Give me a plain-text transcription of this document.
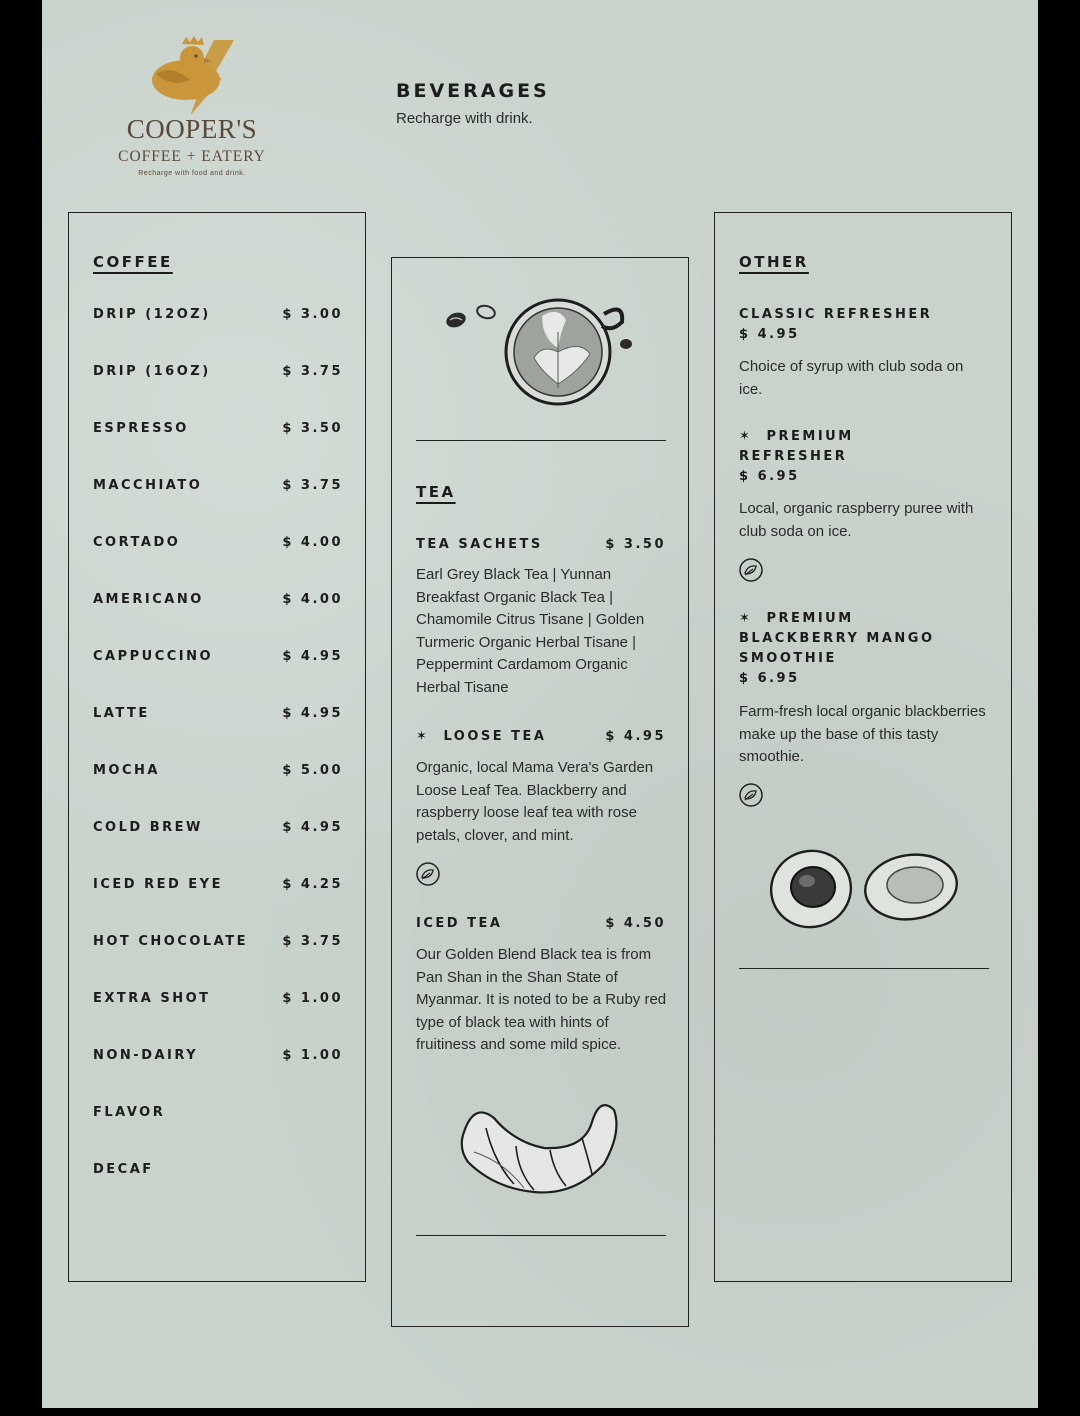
COOPER'S
COFFEE + EATERY
Recharge with food and drink.
BEVERAGES
Recharge with drink.
COFFEE
DRIP (12OZ)	$ 3.00
DRIP (16OZ)	$ 3.75
ESPRESSO	$ 3.50
MACCHIATO	$ 3.75
CORTADO	$ 4.00
AMERICANO	$ 4.00
CAPPUCCINO	$ 4.95
LATTE	$ 4.95
MOCHA	$ 5.00
COLD BREW	$ 4.95
ICED RED EYE	$ 4.25
HOT CHOCOLATE	$ 3.75
EXTRA SHOT	$ 1.00
NON-DAIRY	$ 1.00
FLAVOR
DECAF
TEA
TEA SACHETS	$ 3.50
Earl Grey Black Tea | Yunnan Breakfast Organic Black Tea | Chamomile Citrus Tisane | Golden Turmeric Organic Herbal Tisane | Peppermint Cardamom Organic Herbal Tisane
✶ LOOSE TEA	$ 4.95
Organic, local Mama Vera's Garden Loose Leaf Tea. Blackberry and raspberry loose leaf tea with rose petals, clover, and mint.
ICED TEA	$ 4.50
Our Golden Blend Black tea is from Pan Shan in the Shan State of Myanmar. It is noted to be a Ruby red type of black tea with hints of fruitiness and some mild spice.
OTHER
CLASSIC REFRESHER
$ 4.95
Choice of syrup with club soda on ice.
✶ PREMIUM
REFRESHER
$ 6.95
Local, organic raspberry puree with club soda on ice.
✶ PREMIUM
BLACKBERRY MANGO
SMOOTHIE
$ 6.95
Farm-fresh local organic blackberries make up the base of this tasty smoothie.
